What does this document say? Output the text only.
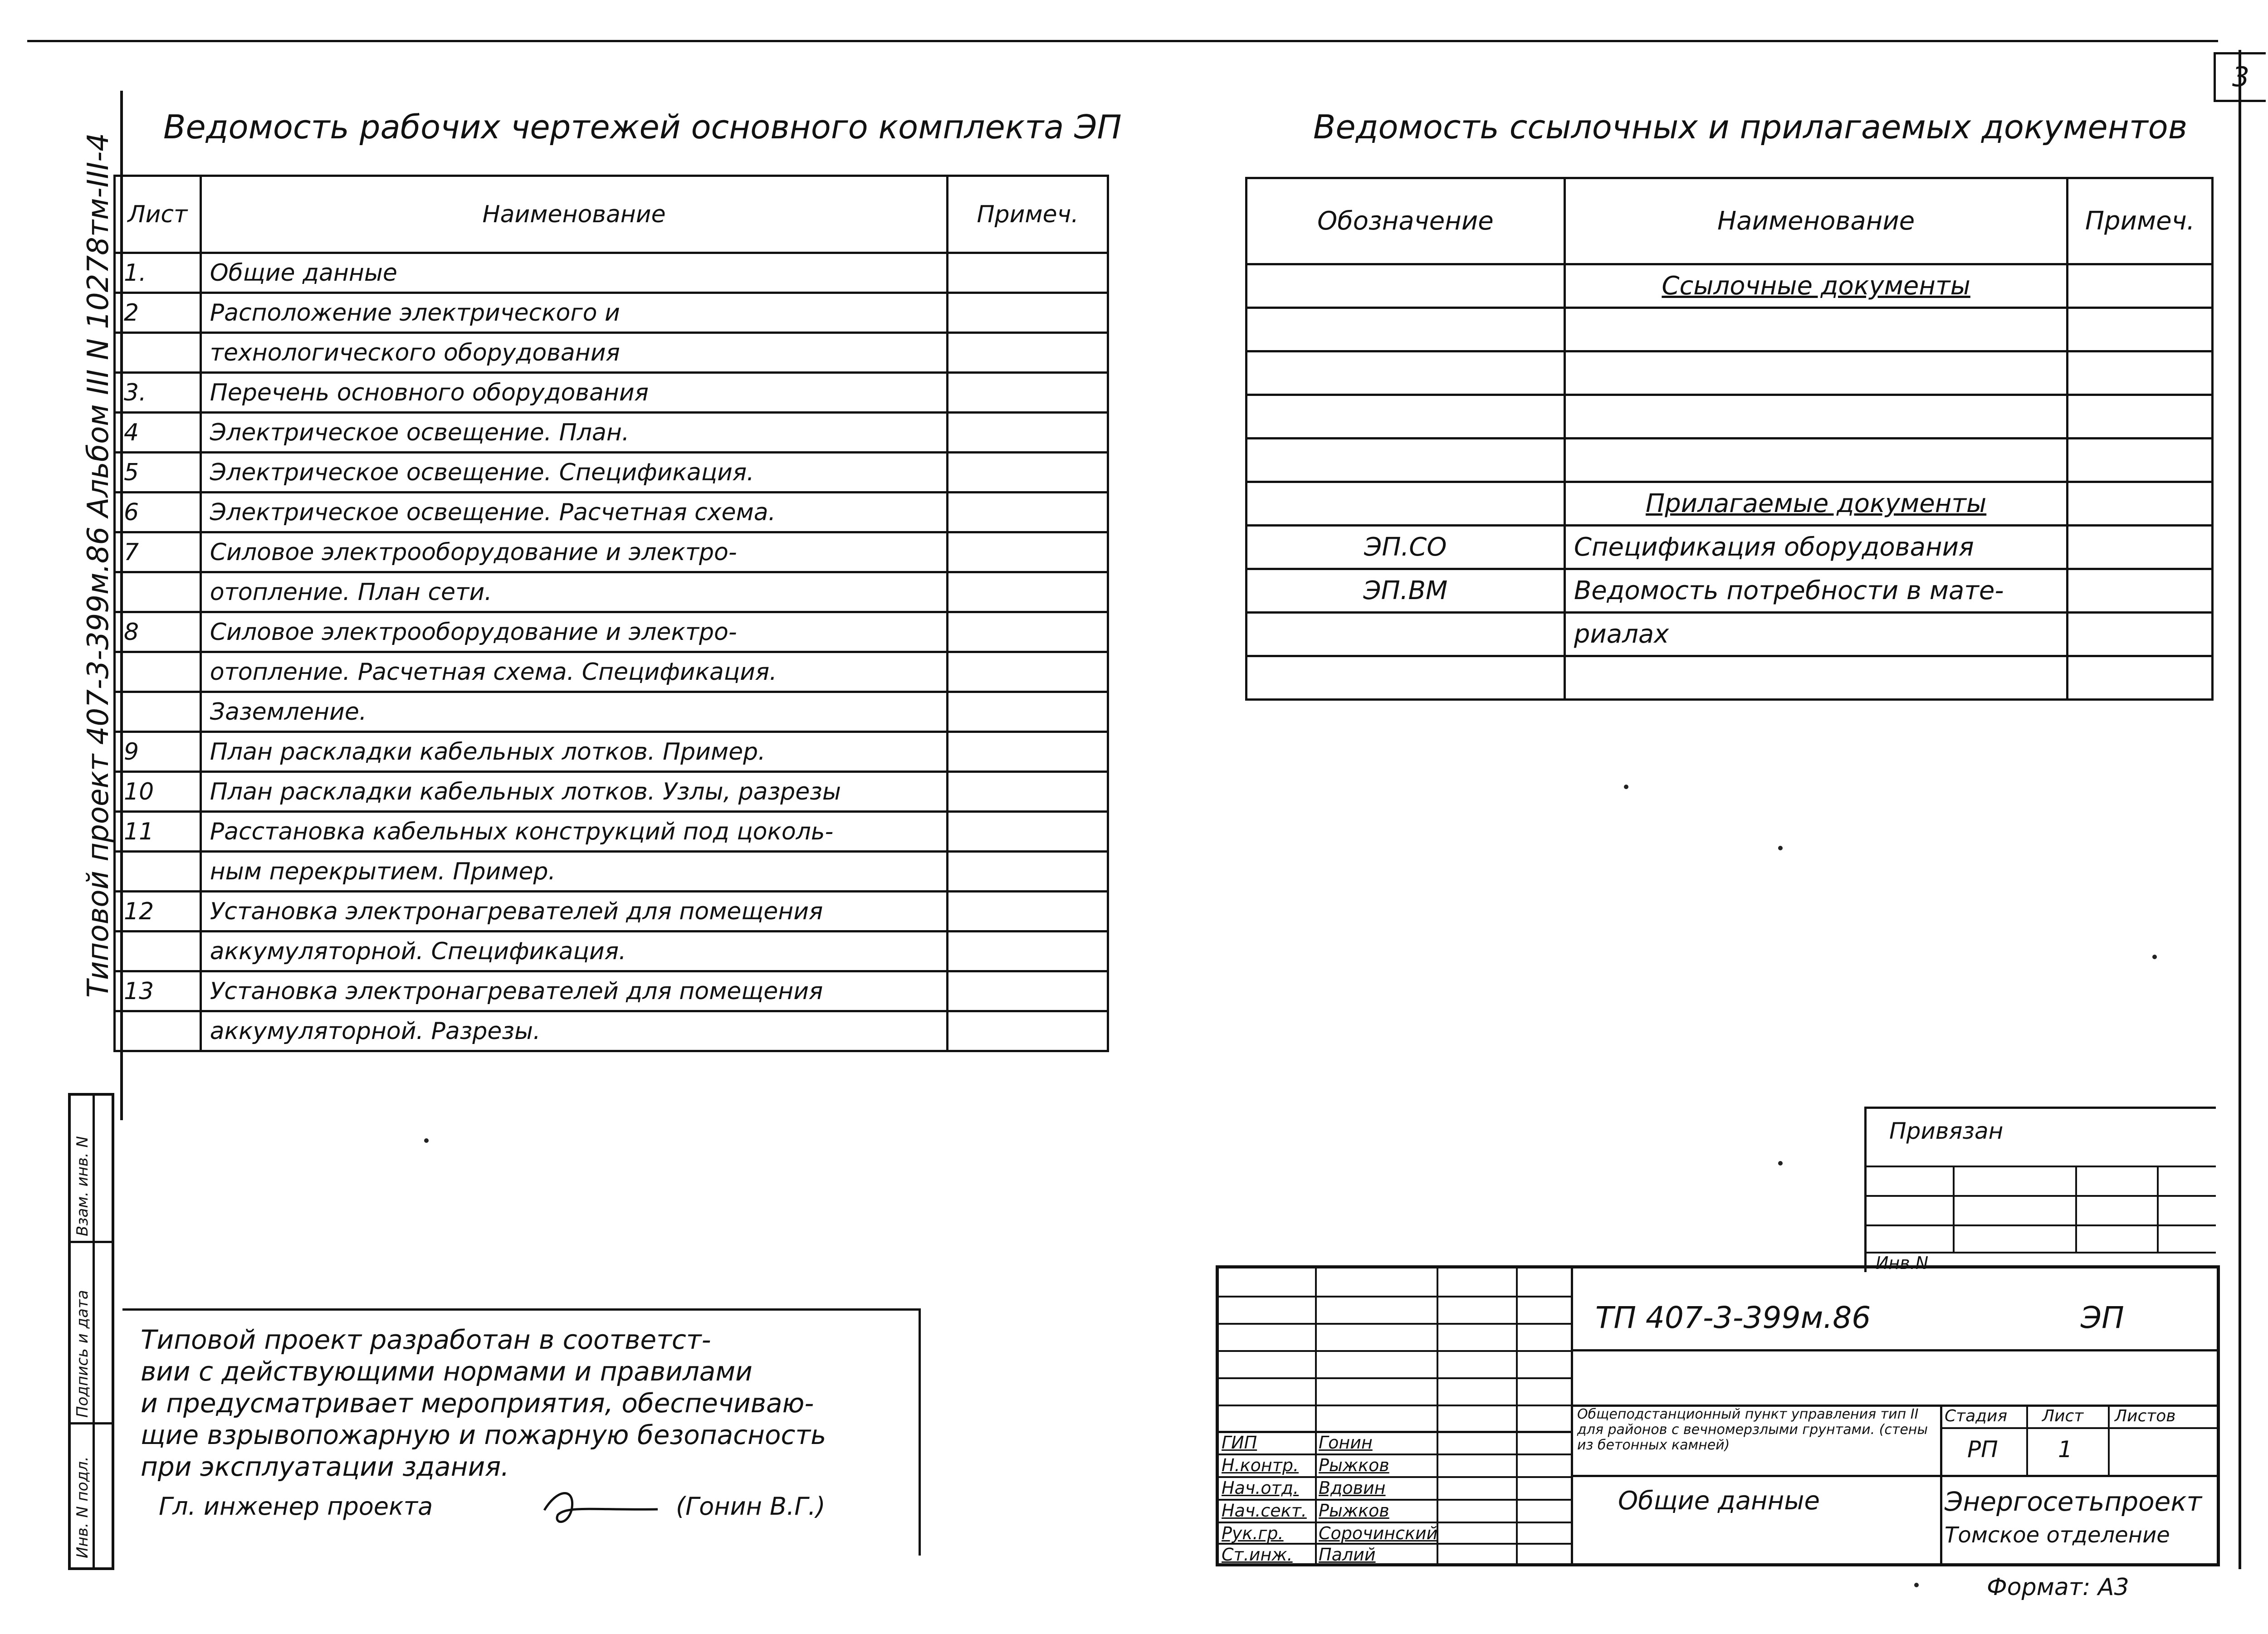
3
Типовой проект 407-3-399м.86 Альбом III N 10278тм-III-4
Инв. N подл.
Подпись и дата
Взам. инв. N
Ведомость рабочих чертежей основного комплекта ЭП
Лист	Наименование	Примеч.
1.	Общие данные	
2	Расположение электрического и	
	технологического оборудования	
3.	Перечень основного оборудования	
4	Электрическое освещение. План.	
5	Электрическое освещение. Спецификация.	
6	Электрическое освещение. Расчетная схема.	
7	Силовое электрооборудование и электро-	
	отопление. План сети.	
8	Силовое электрооборудование и электро-	
	отопление. Расчетная схема. Спецификация.	
	Заземление.	
9	План раскладки кабельных лотков. Пример.	
10	План раскладки кабельных лотков. Узлы, разрезы	
11	Расстановка кабельных конструкций под цоколь-	
	ным перекрытием. Пример.	
12	Установка электронагревателей для помещения	
	аккумуляторной. Спецификация.	
13	Установка электронагревателей для помещения	
	аккумуляторной. Разрезы.	
Ведомость ссылочных и прилагаемых документов
Обозначение	Наименование	Примеч.
	Ссылочные документы	

	Прилагаемые документы	
ЭП.СО	Спецификация оборудования	
ЭП.ВМ	Ведомость потребности в мате-	
	риалах	

Привязан
Инв.N
Типовой проект разработан в соответст-
вии с действующими нормами и правилами
и предусматривает мероприятия, обеспечиваю-
щие взрывопожарную и пожарную безопасность
при эксплуатации здания.
Гл. инженер проекта	(Гонин В.Г.)
ГИП	Гонин
Н.контр. Рыжков
Нач.отд. Вдовин
Нач.сект. Рыжков
Рук.гр. Сорочинский
Ст.инж. Палий
ТП 407-3-399м.86	ЭП
Общеподстанционный пункт управления тип II для районов с вечномерзлыми грунтами. (стены из бетонных камней)
Общие данные
Стадия Лист Листов
РП	1
Энергосетьпроект
Томское отделение
Формат: А3
